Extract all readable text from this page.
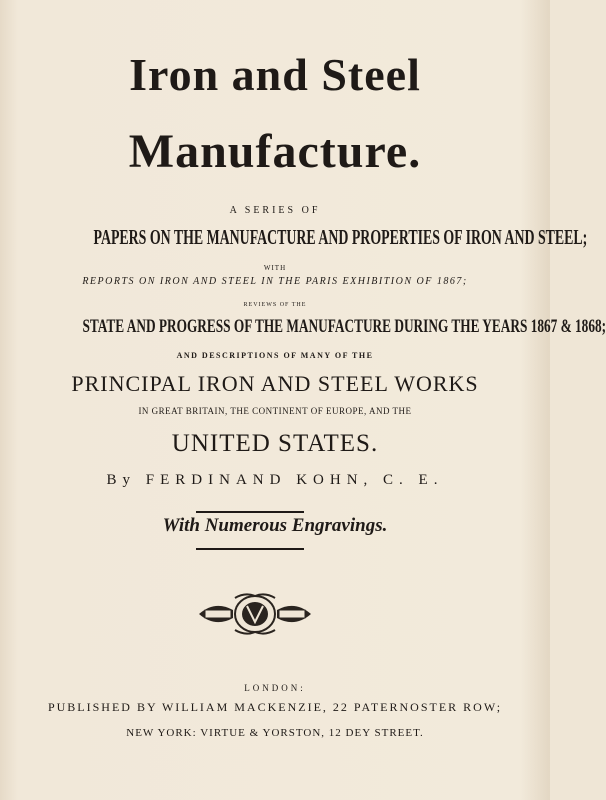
Iron and Steel
Manufacture.
A SERIES OF
PAPERS ON THE MANUFACTURE AND PROPERTIES OF IRON AND STEEL;
WITH
REPORTS ON IRON AND STEEL IN THE PARIS EXHIBITION OF 1867;
REVIEWS OF THE
STATE AND PROGRESS OF THE MANUFACTURE DURING THE YEARS 1867 & 1868;
AND DESCRIPTIONS OF MANY OF THE
PRINCIPAL IRON AND STEEL WORKS
IN GREAT BRITAIN, THE CONTINENT OF EUROPE, AND THE
UNITED STATES.
By FERDINAND KOHN, C. E.
With Numerous Engravings.
LONDON:
PUBLISHED BY WILLIAM MACKENZIE, 22 PATERNOSTER ROW;
NEW YORK: VIRTUE & YORSTON, 12 DEY STREET.
